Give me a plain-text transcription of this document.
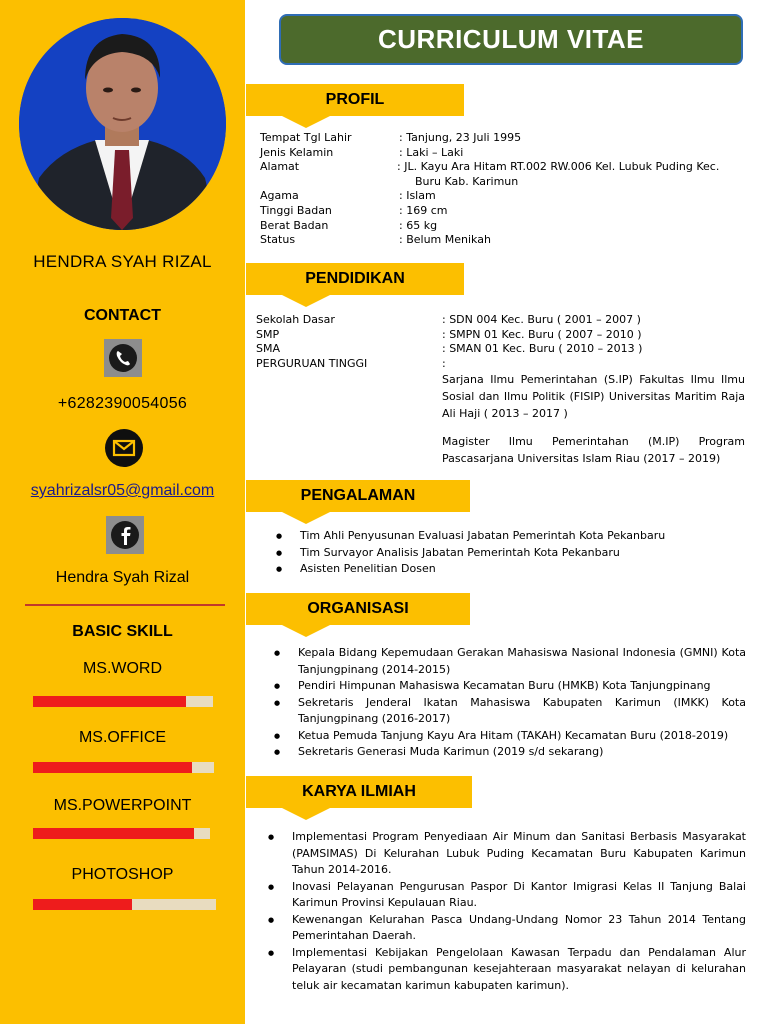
HENDRA SYAH RIZAL
CONTACT
+6282390054056
syahrizalsr05@gmail.com
Hendra Syah Rizal
BASIC SKILL
MS.WORD
MS.OFFICE
MS.POWERPOINT
PHOTOSHOP
CURRICULUM VITAE
PROFIL
Tempat Tgl Lahir	: Tanjung, 23 Juli 1995
Jenis Kelamin	: Laki – Laki
Alamat	: JL. Kayu Ara Hitam RT.002 RW.006 Kel. Lubuk Puding Kec.
Buru Kab. Karimun
Agama	: Islam
Tinggi Badan	: 169 cm
Berat Badan	: 65 kg
Status	: Belum Menikah
PENDIDIKAN
Sekolah Dasar	: SDN 004 Kec. Buru ( 2001 – 2007 )
SMP	: SMPN 01 Kec. Buru ( 2007 – 2010 )
SMA	: SMAN 01 Kec. Buru ( 2010 – 2013 )
PERGURUAN TINGGI	:
Sarjana Ilmu Pemerintahan (S.IP) Fakultas Ilmu Ilmu Sosial dan Ilmu Politik (FISIP) Universitas Maritim Raja Ali Haji ( 2013 – 2017 )
Magister Ilmu Pemerintahan (M.IP) Program Pascasarjana Universitas Islam Riau (2017 – 2019)
PENGALAMAN
● Tim Ahli Penyusunan Evaluasi Jabatan Pemerintah Kota Pekanbaru
● Tim Survayor Analisis Jabatan Pemerintah Kota Pekanbaru
● Asisten Penelitian Dosen
ORGANISASI
● Kepala Bidang Kepemudaan Gerakan Mahasiswa Nasional Indonesia (GMNI) Kota Tanjungpinang (2014-2015)
● Pendiri Himpunan Mahasiswa Kecamatan Buru (HMKB) Kota Tanjungpinang
● Sekretaris Jenderal Ikatan Mahasiswa Kabupaten Karimun (IMKK) Kota Tanjungpinang (2016-2017)
● Ketua Pemuda Tanjung Kayu Ara Hitam (TAKAH) Kecamatan Buru (2018-2019)
● Sekretaris Generasi Muda Karimun (2019 s/d sekarang)
KARYA ILMIAH
● Implementasi Program Penyediaan Air Minum dan Sanitasi Berbasis Masyarakat (PAMSIMAS) Di Kelurahan Lubuk Puding Kecamatan Buru Kabupaten Karimun Tahun 2014-2016.
● Inovasi Pelayanan Pengurusan Paspor Di Kantor Imigrasi Kelas II Tanjung Balai Karimun Provinsi Kepulauan Riau.
● Kewenangan Kelurahan Pasca Undang-Undang Nomor 23 Tahun 2014 Tentang Pemerintahan Daerah.
● Implementasi Kebijakan Pengelolaan Kawasan Terpadu dan Pendalaman Alur Pelayaran (studi pembangunan kesejahteraan masyarakat nelayan di kelurahan teluk air kecamatan karimun kabupaten karimun).
